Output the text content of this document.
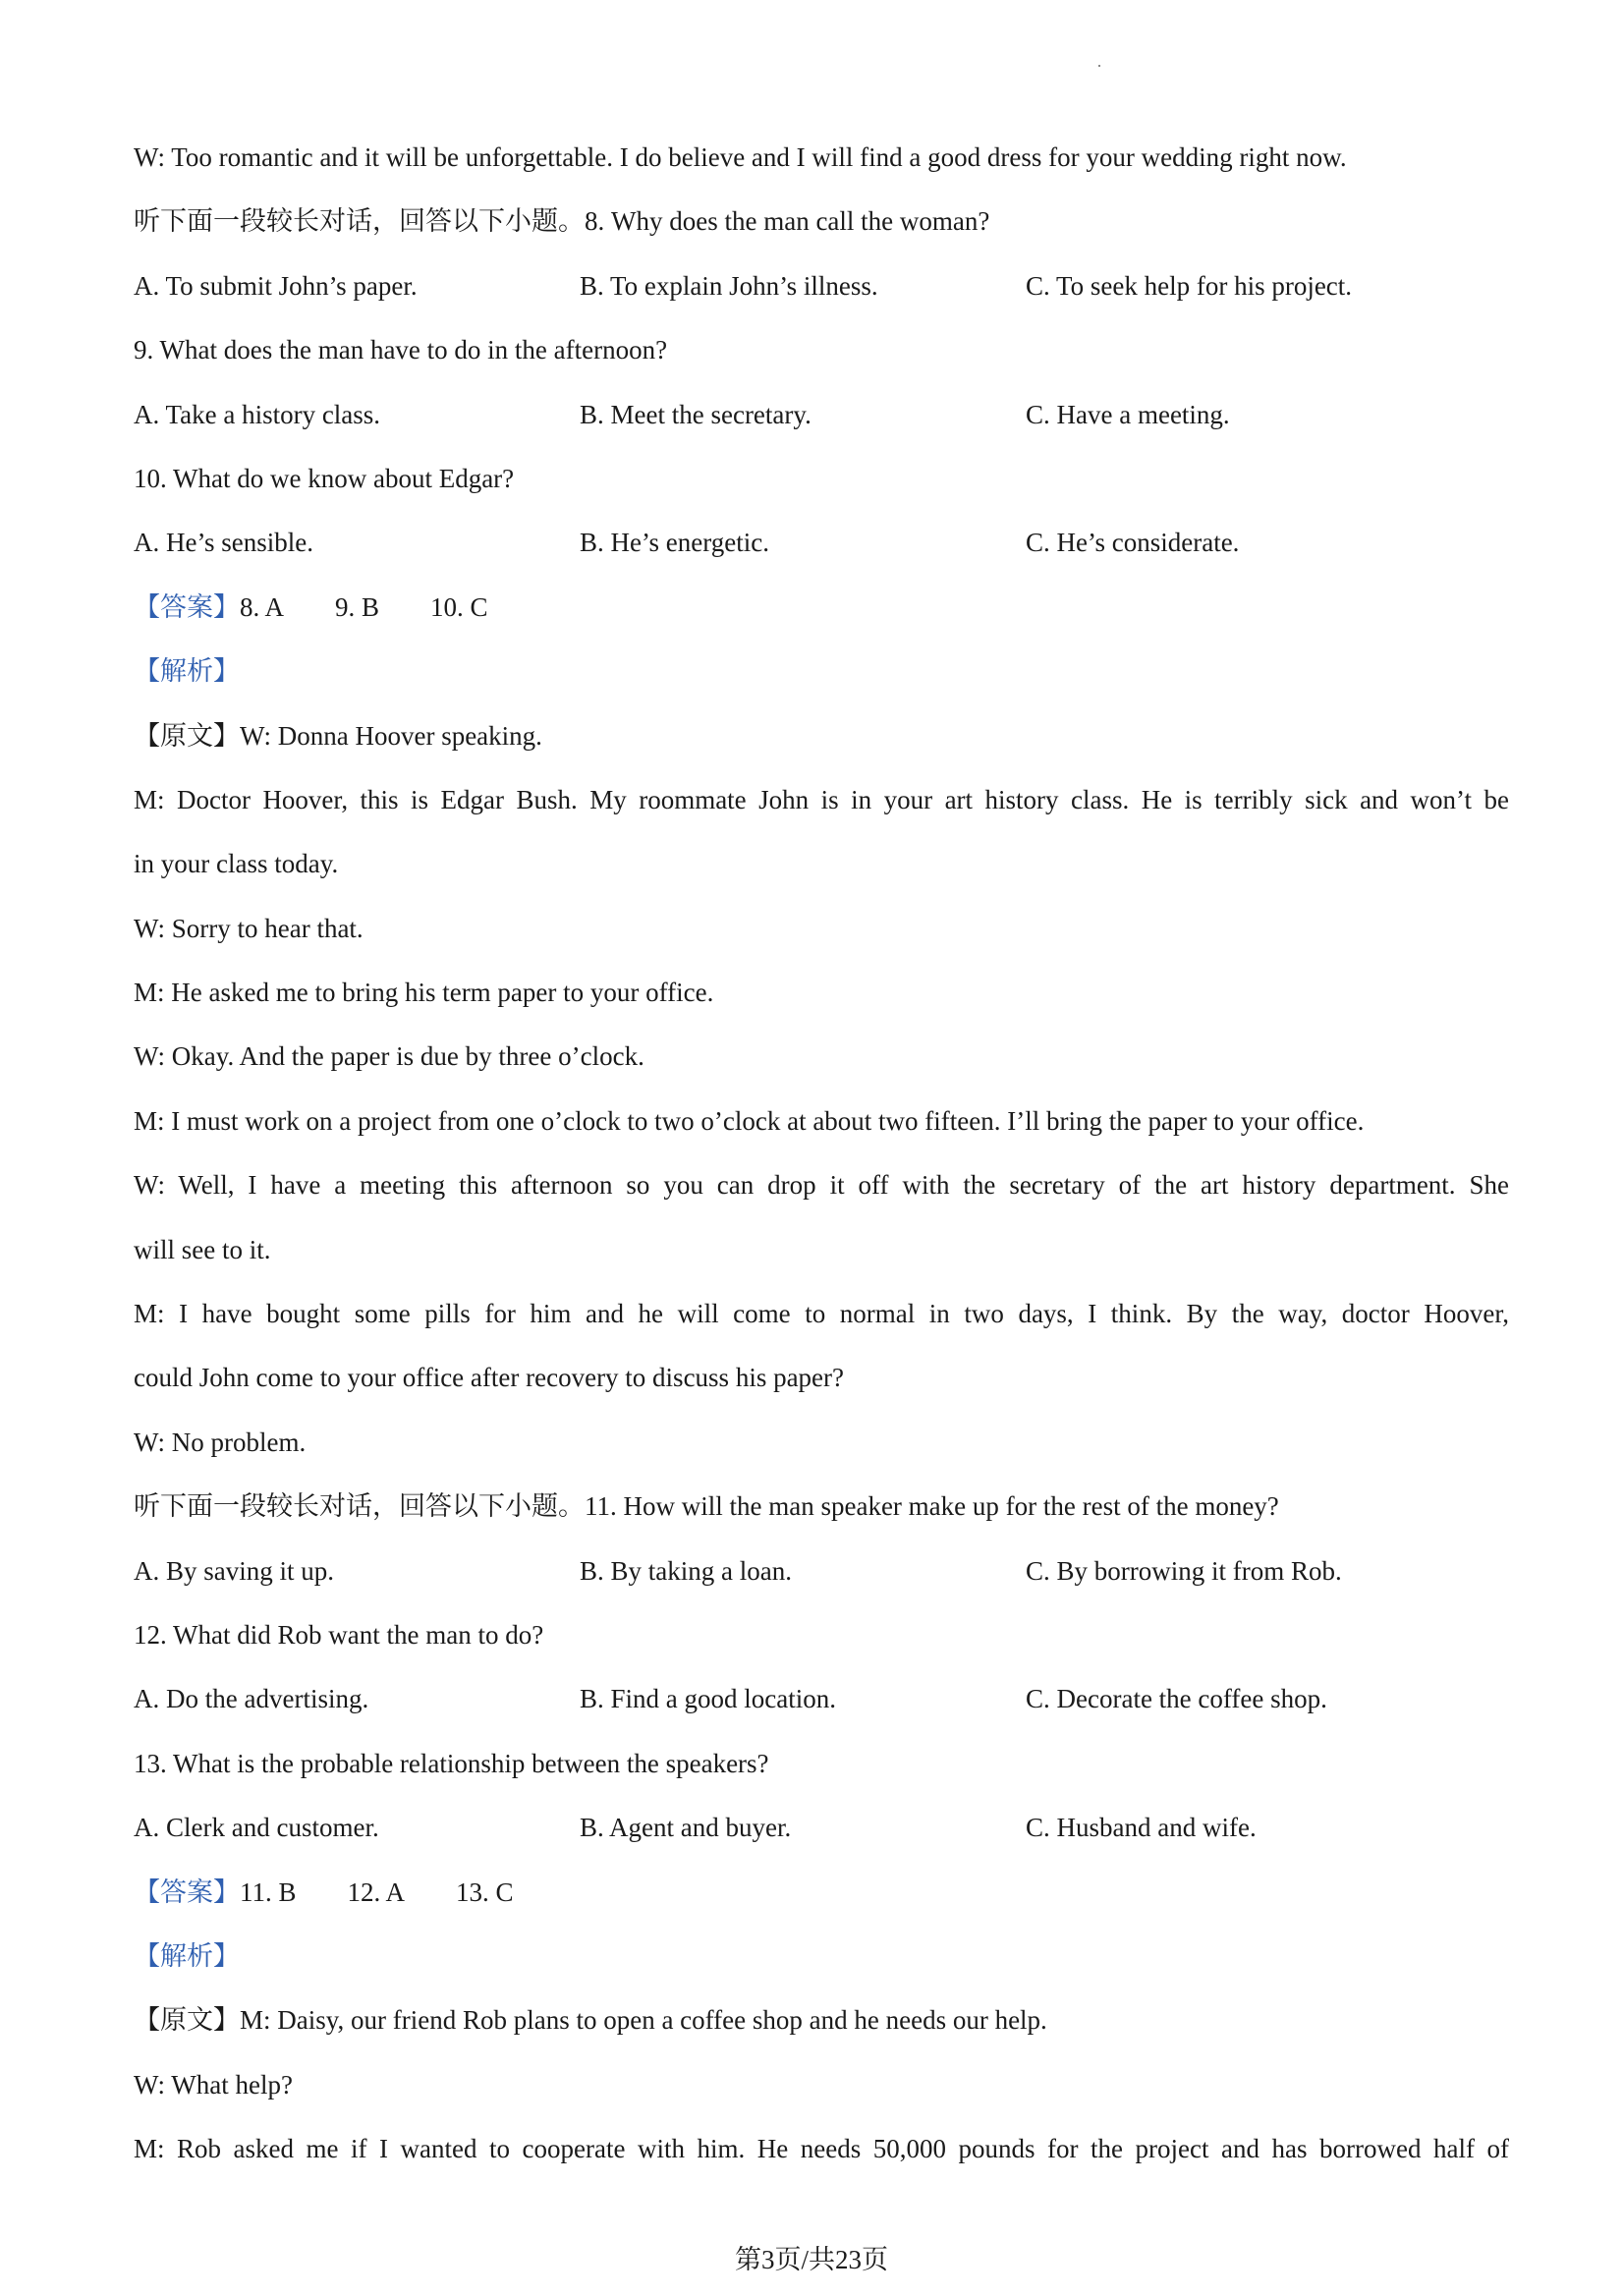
W: Too romantic and it will be unforgettable. I do believe and I will find a good dress for your wedding right now.
听下面一段较长对话，回答以下小题。8. Why does the man call the woman?
A. To submit John’s paper.	B. To explain John’s illness.	C. To seek help for his project.
9. What does the man have to do in the afternoon?
A. Take a history class.	B. Meet the secretary.	C. Have a meeting.
10. What do we know about Edgar?
A. He’s sensible.	B. He’s energetic.	C. He’s considerate.
【答案】8. A 9. B 10. C
【解析】
【原文】W: Donna Hoover speaking.
M: Doctor Hoover, this is Edgar Bush. My roommate John is in your art history class. He is terribly sick and won’t be
in your class today.
W: Sorry to hear that.
M: He asked me to bring his term paper to your office.
W: Okay. And the paper is due by three o’clock.
M: I must work on a project from one o’clock to two o’clock at about two fifteen. I’ll bring the paper to your office.
W: Well, I have a meeting this afternoon so you can drop it off with the secretary of the art history department. She
will see to it.
M: I have bought some pills for him and he will come to normal in two days, I think. By the way, doctor Hoover,
could John come to your office after recovery to discuss his paper?
W: No problem.
听下面一段较长对话，回答以下小题。11. How will the man speaker make up for the rest of the money?
A. By saving it up.	B. By taking a loan.	C. By borrowing it from Rob.
12. What did Rob want the man to do?
A. Do the advertising.	B. Find a good location.	C. Decorate the coffee shop.
13. What is the probable relationship between the speakers?
A. Clerk and customer.	B. Agent and buyer.	C. Husband and wife.
【答案】11. B 12. A 13. C
【解析】
【原文】M: Daisy, our friend Rob plans to open a coffee shop and he needs our help.
W: What help?
M: Rob asked me if I wanted to cooperate with him. He needs 50,000 pounds for the project and has borrowed half of
第3页/共23页
